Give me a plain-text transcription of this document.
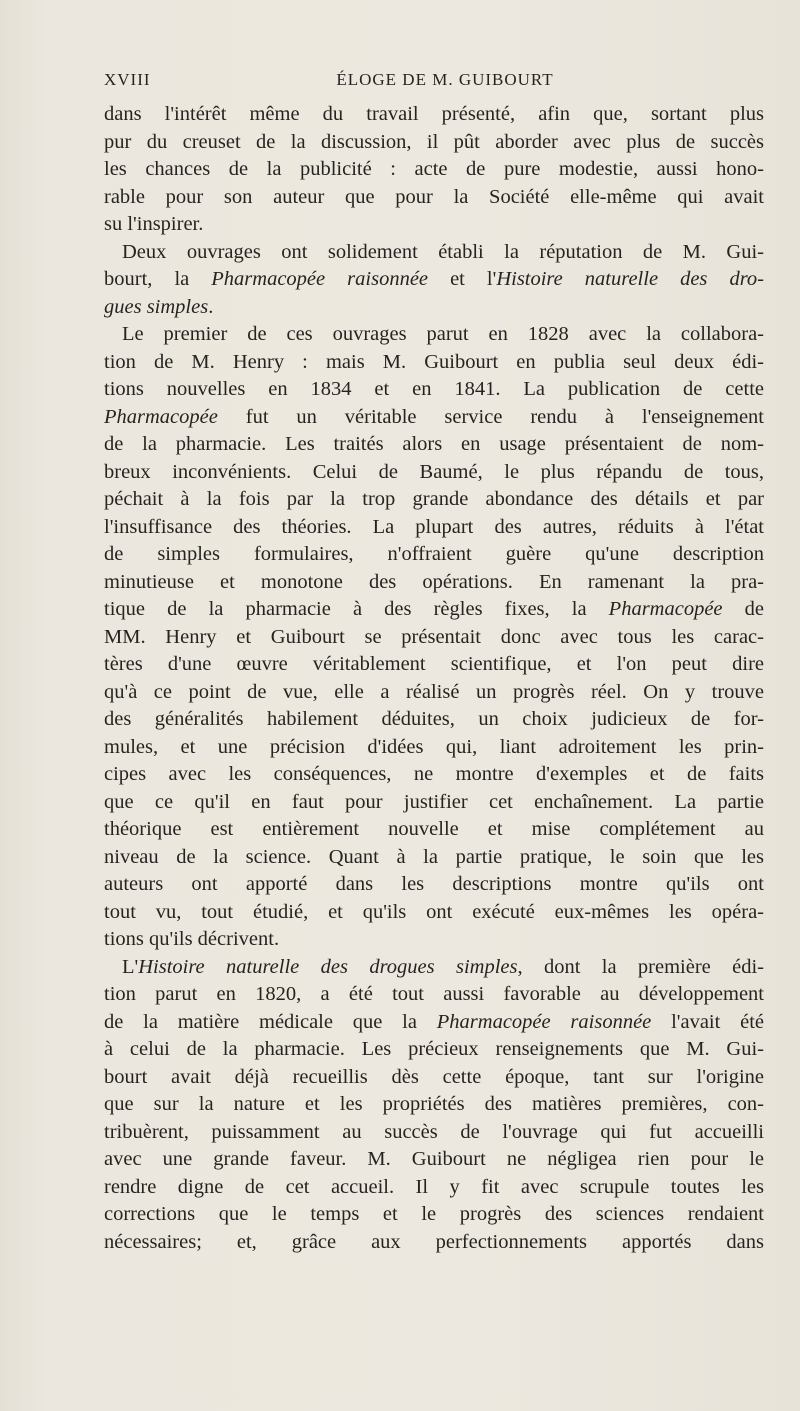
XVIII	ÉLOGE DE M. GUIBOURT
dans l'intérêt même du travail présenté, afin que, sortant plus
pur du creuset de la discussion, il pût aborder avec plus de succès
les chances de la publicité : acte de pure modestie, aussi hono-
rable pour son auteur que pour la Société elle-même qui avait
su l'inspirer.
Deux ouvrages ont solidement établi la réputation de M. Gui-
bourt, la Pharmacopée raisonnée et l'Histoire naturelle des dro-
gues simples.
Le premier de ces ouvrages parut en 1828 avec la collabora-
tion de M. Henry : mais M. Guibourt en publia seul deux édi-
tions nouvelles en 1834 et en 1841. La publication de cette
Pharmacopée fut un véritable service rendu à l'enseignement
de la pharmacie. Les traités alors en usage présentaient de nom-
breux inconvénients. Celui de Baumé, le plus répandu de tous,
péchait à la fois par la trop grande abondance des détails et par
l'insuffisance des théories. La plupart des autres, réduits à l'état
de simples formulaires, n'offraient guère qu'une description
minutieuse et monotone des opérations. En ramenant la pra-
tique de la pharmacie à des règles fixes, la Pharmacopée de
MM. Henry et Guibourt se présentait donc avec tous les carac-
tères d'une œuvre véritablement scientifique, et l'on peut dire
qu'à ce point de vue, elle a réalisé un progrès réel. On y trouve
des généralités habilement déduites, un choix judicieux de for-
mules, et une précision d'idées qui, liant adroitement les prin-
cipes avec les conséquences, ne montre d'exemples et de faits
que ce qu'il en faut pour justifier cet enchaînement. La partie
théorique est entièrement nouvelle et mise complétement au
niveau de la science. Quant à la partie pratique, le soin que les
auteurs ont apporté dans les descriptions montre qu'ils ont
tout vu, tout étudié, et qu'ils ont exécuté eux-mêmes les opéra-
tions qu'ils décrivent.
L'Histoire naturelle des drogues simples, dont la première édi-
tion parut en 1820, a été tout aussi favorable au développement
de la matière médicale que la Pharmacopée raisonnée l'avait été
à celui de la pharmacie. Les précieux renseignements que M. Gui-
bourt avait déjà recueillis dès cette époque, tant sur l'origine
que sur la nature et les propriétés des matières premières, con-
tribuèrent, puissamment au succès de l'ouvrage qui fut accueilli
avec une grande faveur. M. Guibourt ne négligea rien pour le
rendre digne de cet accueil. Il y fit avec scrupule toutes les
corrections que le temps et le progrès des sciences rendaient
nécessaires; et, grâce aux perfectionnements apportés dans
